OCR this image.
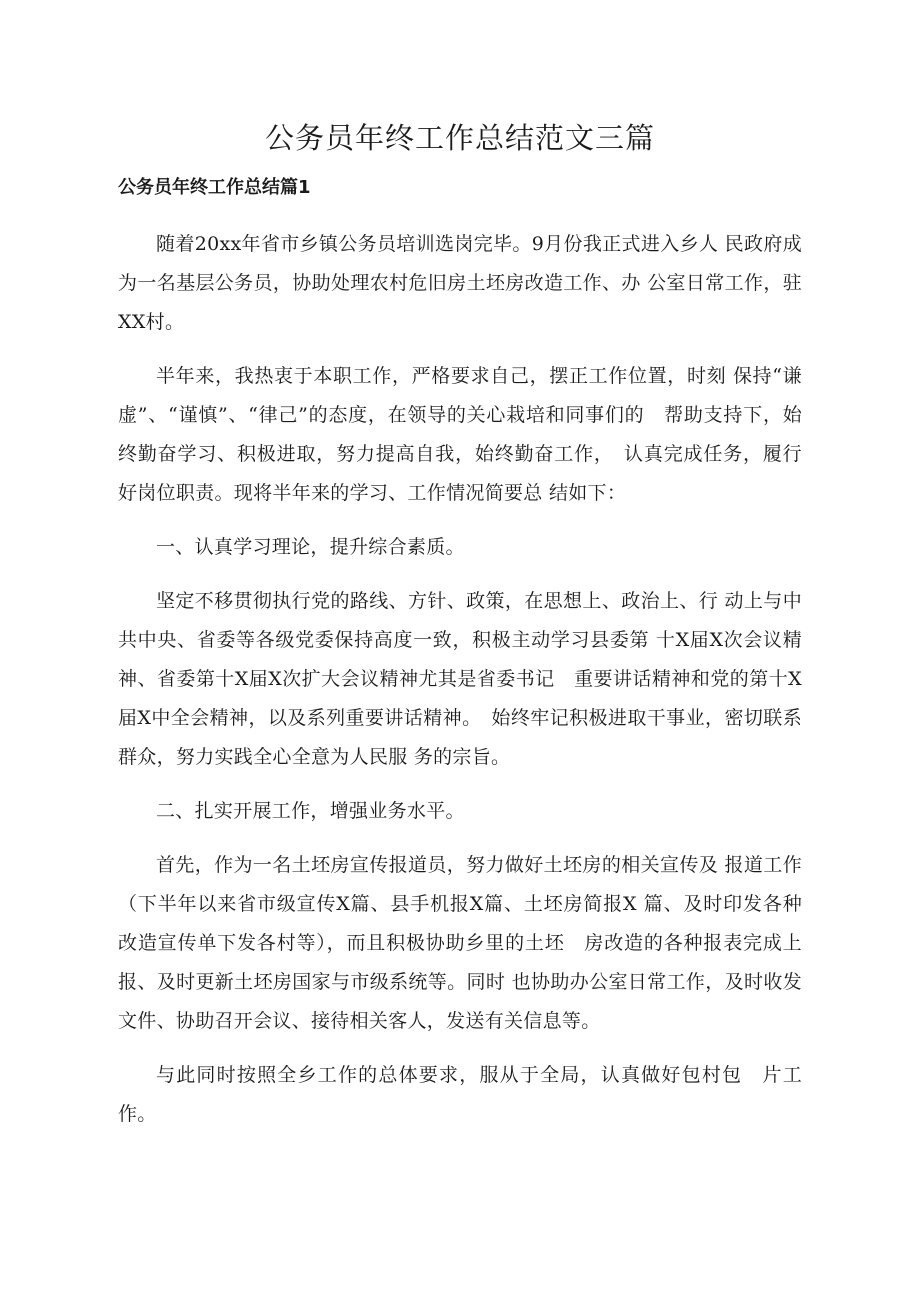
公务员年终工作总结范文三篇
公务员年终工作总结篇1

随着20xx年省市乡镇公务员培训选岗完毕。9月份我正式进入乡人 民政府成为一名基层公务员，协助处理农村危旧房土坯房改造工作、办 公室日常工作，驻XX村。

半年来，我热衷于本职工作，严格要求自己，摆正工作位置，时刻 保持“谦虚”、“谨慎”、“律己”的态度，在领导的关心栽培和同事们的　帮助支持下，始终勤奋学习、积极进取，努力提高自我，始终勤奋工作，　认真完成任务，履行好岗位职责。现将半年来的学习、工作情况简要总 结如下：

一、认真学习理论，提升综合素质。

坚定不移贯彻执行党的路线、方针、政策，在思想上、政治上、行 动上与中共中央、省委等各级党委保持高度一致，积极主动学习县委第 十X届X次会议精神、省委第十X届X次扩大会议精神尤其是省委书记　重要讲话精神和党的第十X届X中全会精神，以及系列重要讲话精神。　始终牢记积极进取干事业，密切联系群众，努力实践全心全意为人民服 务的宗旨。

二、扎实开展工作，增强业务水平。

首先，作为一名土坯房宣传报道员，努力做好土坯房的相关宣传及 报道工作（下半年以来省市级宣传X篇、县手机报X篇、土坯房简报X 篇、及时印发各种改造宣传单下发各村等），而且积极协助乡里的土坯　房改造的各种报表完成上报、及时更新土坯房国家与市级系统等。同时 也协助办公室日常工作，及时收发文件、协助召开会议、接待相关客人，发送有关信息等。

与此同时按照全乡工作的总体要求，服从于全局，认真做好包村包　片工作。
